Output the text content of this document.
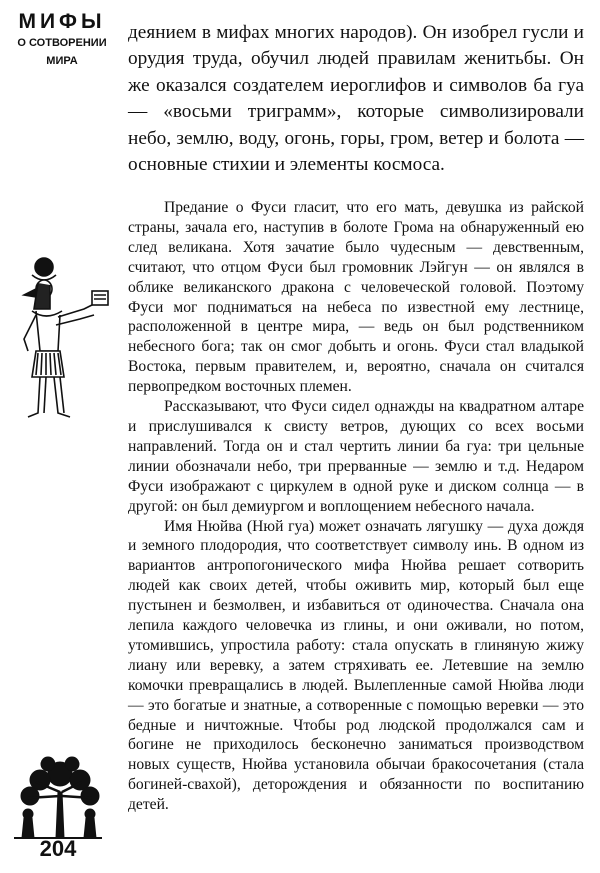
МИФЫ
О СОТВОРЕНИИ
МИРА
204

деянием в мифах многих народов). Он изобрел гусли и орудия труда, обучил людей правилам женитьбы. Он же оказался создателем иероглифов и символов ба гуа — «восьми триграмм», которые символизировали небо, землю, воду, огонь, горы, гром, ветер и болота — основные стихии и элементы космоса.

Предание о Фуси гласит, что его мать, девушка из райской страны, зачала его, наступив в болоте Грома на обнаруженный ею след великана. Хотя зачатие было чудесным — девственным, считают, что отцом Фуси был громовник Лэйгун — он являлся в облике великанского дракона с человеческой головой. Поэтому Фуси мог подниматься на небеса по известной ему лестнице, расположенной в центре мира, — ведь он был родственником небесного бога; так он смог добыть и огонь. Фуси стал владыкой Востока, первым правителем, и, вероятно, сначала он считался первопредком восточных племен.

Рассказывают, что Фуси сидел однажды на квадратном алтаре и прислушивался к свисту ветров, дующих со всех восьми направлений. Тогда он и стал чертить линии ба гуа: три цельные линии обозначали небо, три прерванные — землю и т.д. Недаром Фуси изображают с циркулем в одной руке и диском солнца — в другой: он был демиургом и воплощением небесного начала.

Имя Нюйва (Нюй гуа) может означать лягушку — духа дождя и земного плодородия, что соответствует символу инь. В одном из вариантов антропогонического мифа Нюйва решает сотворить людей как своих детей, чтобы оживить мир, который был еще пустынен и безмолвен, и избавиться от одиночества. Сначала она лепила каждого человечка из глины, и они оживали, но потом, утомившись, упростила работу: стала опускать в глиняную жижу лиану или веревку, а затем стряхивать ее. Летевшие на землю комочки превращались в людей. Вылепленные самой Нюйва люди — это богатые и знатные, а сотворенные с помощью веревки — это бедные и ничтожные. Чтобы род людской продолжался сам и богине не приходилось бесконечно заниматься производством новых существ, Нюйва установила обычаи бракосочетания (стала богиней-свахой), деторождения и обязанности по воспитанию детей.
